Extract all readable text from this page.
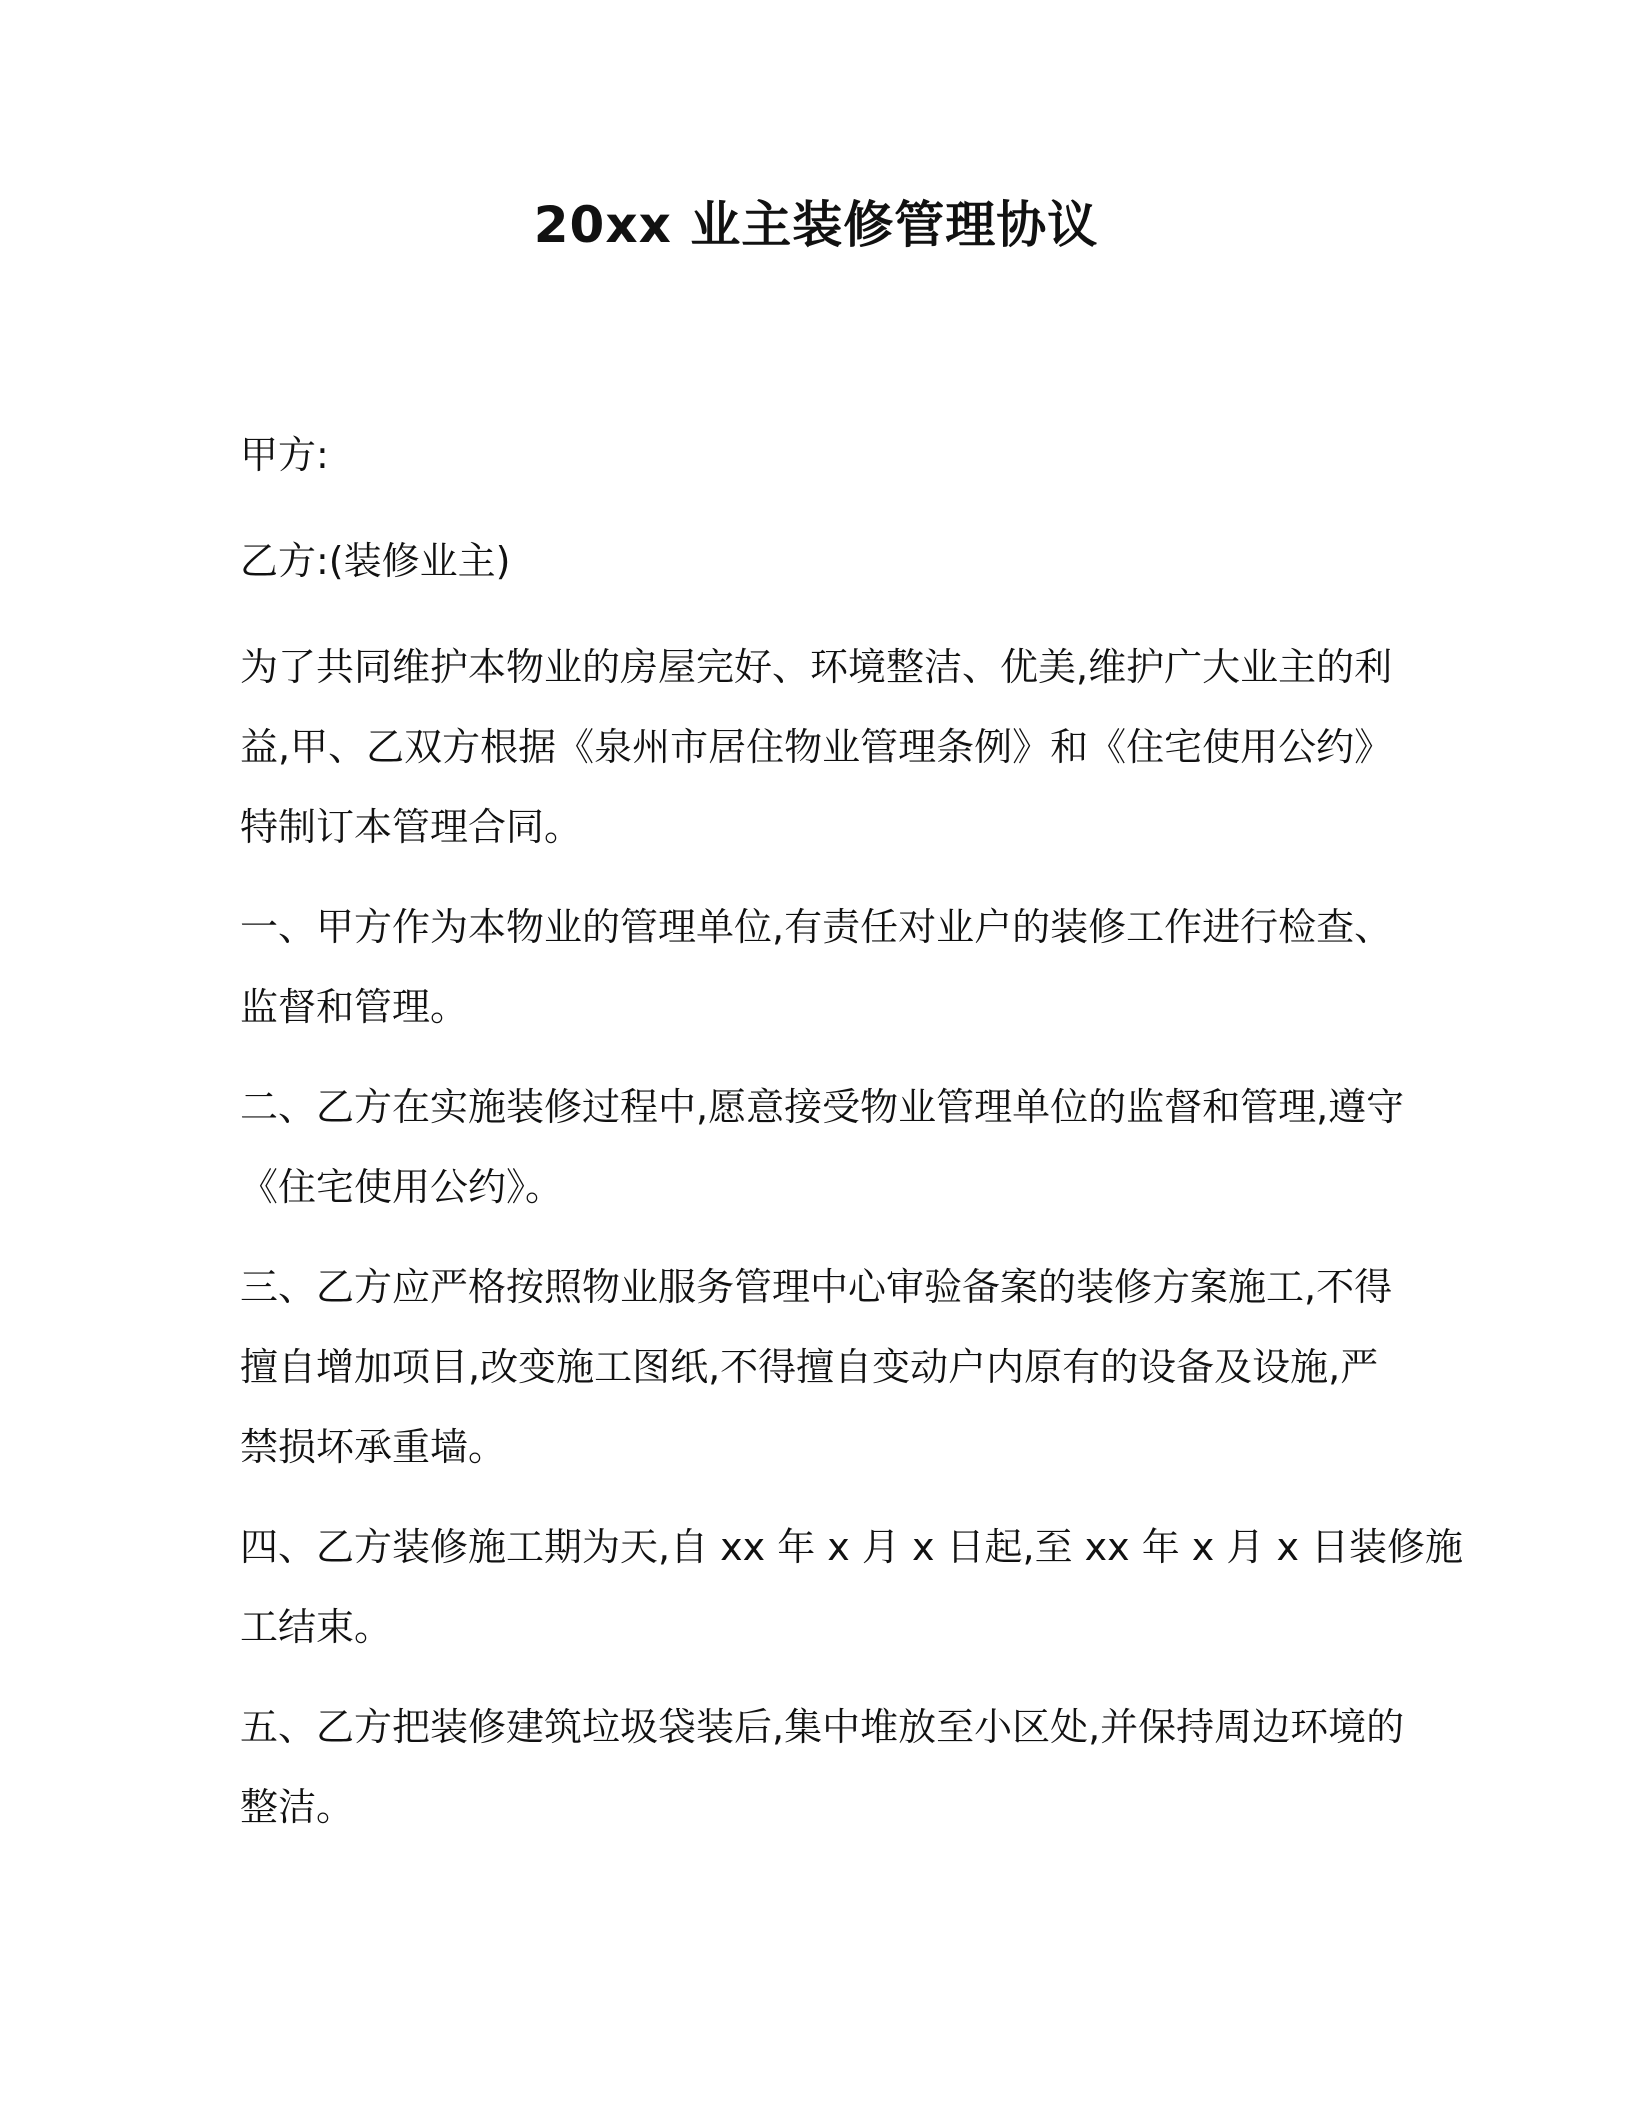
20xx 业主装修管理协议

甲方:

乙方:(装修业主)

为了共同维护本物业的房屋完好、环境整洁、优美,维护广大业主的利
益,甲、乙双方根据《泉州市居住物业管理条例》和《住宅使用公约》
特制订本管理合同。

一、甲方作为本物业的管理单位,有责任对业户的装修工作进行检查、
监督和管理。

二、乙方在实施装修过程中,愿意接受物业管理单位的监督和管理,遵守
《住宅使用公约》。

三、乙方应严格按照物业服务管理中心审验备案的装修方案施工,不得
擅自增加项目,改变施工图纸,不得擅自变动户内原有的设备及设施,严
禁损坏承重墙。

四、乙方装修施工期为天,自 xx 年 x 月 x 日起,至 xx 年 x 月 x 日装修施
工结束。

五、乙方把装修建筑垃圾袋装后,集中堆放至小区处,并保持周边环境的
整洁。
